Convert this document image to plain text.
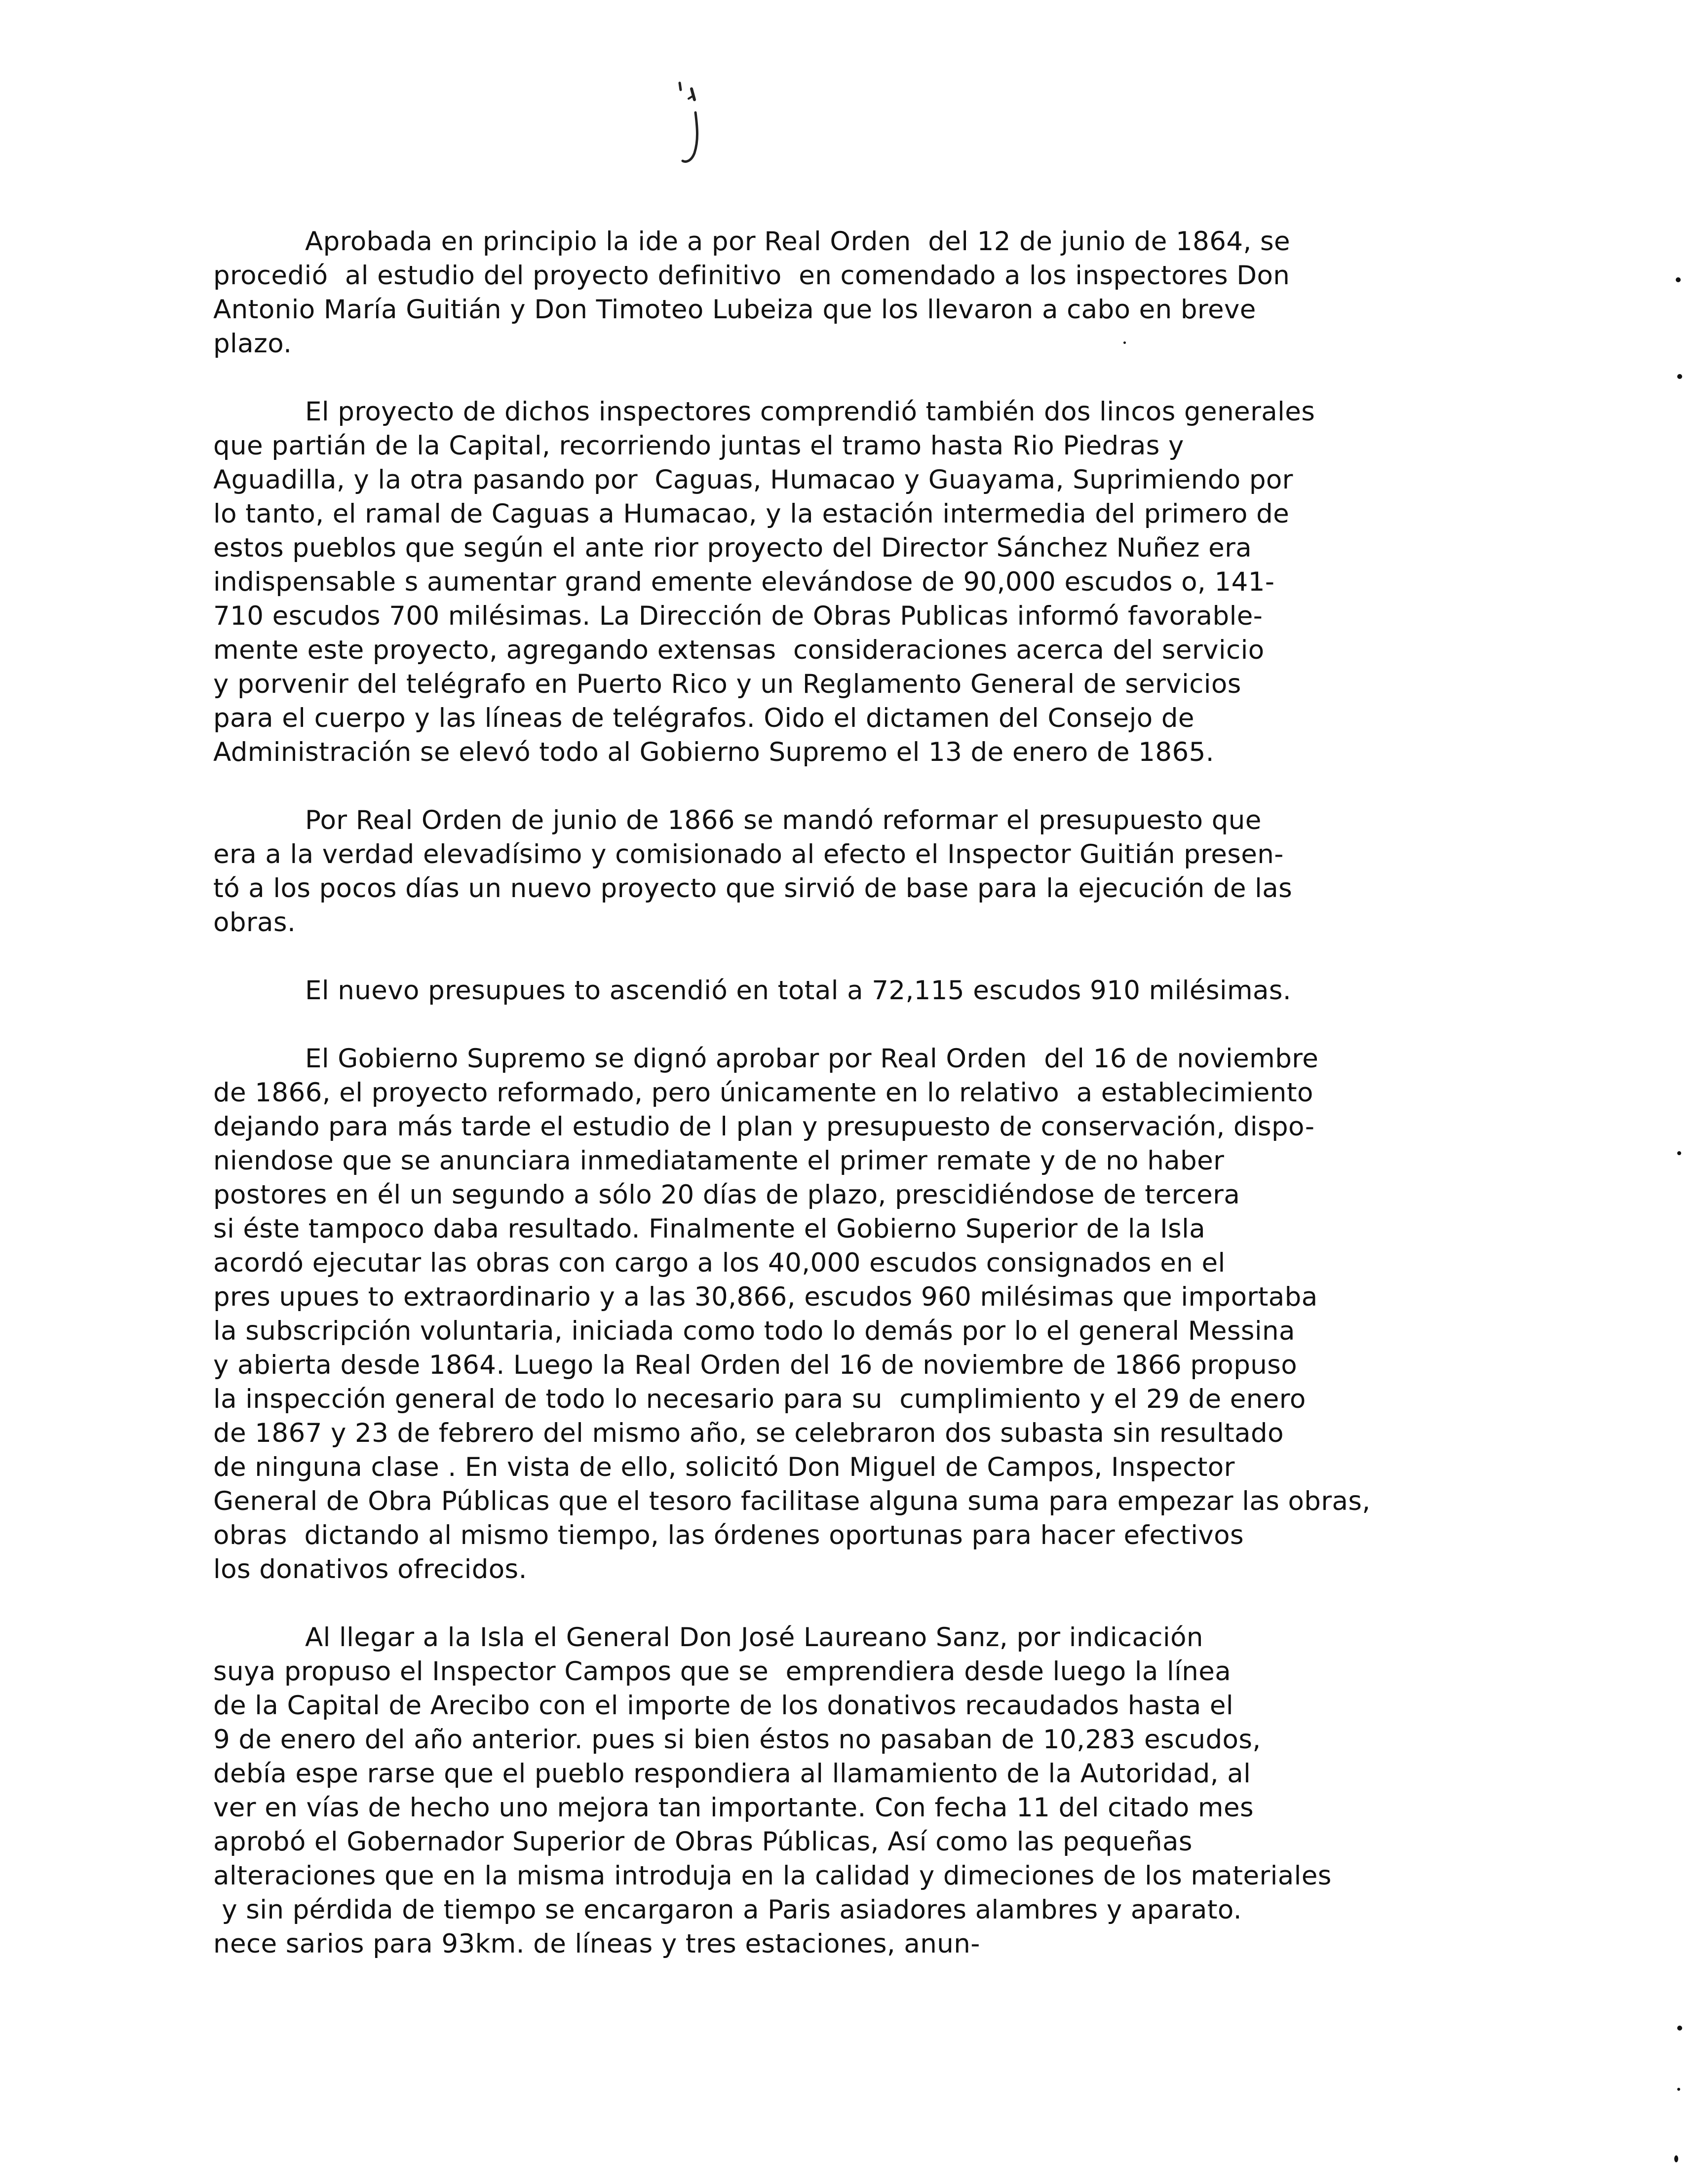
Aprobada en principio la ide a por Real Orden  del 12 de junio de 1864, se
procedió  al estudio del proyecto definitivo  en comendado a los inspectores Don
Antonio María Guitián y Don Timoteo Lubeiza que los llevaron a cabo en breve
plazo.
El proyecto de dichos inspectores comprendió también dos lincos generales
que partián de la Capital, recorriendo juntas el tramo hasta Rio Piedras y
Aguadilla, y la otra pasando por  Caguas, Humacao y Guayama, Suprimiendo por
lo tanto, el ramal de Caguas a Humacao, y la estación intermedia del primero de
estos pueblos que según el ante rior proyecto del Director Sánchez Nuñez era
indispensable s aumentar grand emente elevándose de 90,000 escudos o, 141-
710 escudos 700 milésimas. La Dirección de Obras Publicas informó favorable-
mente este proyecto, agregando extensas  consideraciones acerca del servicio
y porvenir del telégrafo en Puerto Rico y un Reglamento General de servicios
para el cuerpo y las líneas de telégrafos. Oido el dictamen del Consejo de
Administración se elevó todo al Gobierno Supremo el 13 de enero de 1865.
Por Real Orden de junio de 1866 se mandó reformar el presupuesto que
era a la verdad elevadísimo y comisionado al efecto el Inspector Guitián presen-
tó a los pocos días un nuevo proyecto que sirvió de base para la ejecución de las
obras.
El nuevo presupues to ascendió en total a 72,115 escudos 910 milésimas.
El Gobierno Supremo se dignó aprobar por Real Orden  del 16 de noviembre
de 1866, el proyecto reformado, pero únicamente en lo relativo  a establecimiento
dejando para más tarde el estudio de l plan y presupuesto de conservación, dispo-
niendose que se anunciara inmediatamente el primer remate y de no haber
postores en él un segundo a sólo 20 días de plazo, prescidiéndose de tercera
si éste tampoco daba resultado. Finalmente el Gobierno Superior de la Isla
acordó ejecutar las obras con cargo a los 40,000 escudos consignados en el
pres upues to extraordinario y a las 30,866, escudos 960 milésimas que importaba
la subscripción voluntaria, iniciada como todo lo demás por lo el general Messina
y abierta desde 1864. Luego la Real Orden del 16 de noviembre de 1866 propuso
la inspección general de todo lo necesario para su  cumplimiento y el 29 de enero
de 1867 y 23 de febrero del mismo año, se celebraron dos subasta sin resultado
de ninguna clase . En vista de ello, solicitó Don Miguel de Campos, Inspector
General de Obra Públicas que el tesoro facilitase alguna suma para empezar las obras,
obras  dictando al mismo tiempo, las órdenes oportunas para hacer efectivos
los donativos ofrecidos.
Al llegar a la Isla el General Don José Laureano Sanz, por indicación
suya propuso el Inspector Campos que se  emprendiera desde luego la línea
de la Capital de Arecibo con el importe de los donativos recaudados hasta el
9 de enero del año anterior. pues si bien éstos no pasaban de 10,283 escudos,
debía espe rarse que el pueblo respondiera al llamamiento de la Autoridad, al
ver en vías de hecho uno mejora tan importante. Con fecha 11 del citado mes
aprobó el Gobernador Superior de Obras Públicas, Así como las pequeñas
alteraciones que en la misma introduja en la calidad y dimeciones de los materiales
y sin pérdida de tiempo se encargaron a Paris asiadores alambres y aparato.
nece sarios para 93km. de líneas y tres estaciones, anun-
